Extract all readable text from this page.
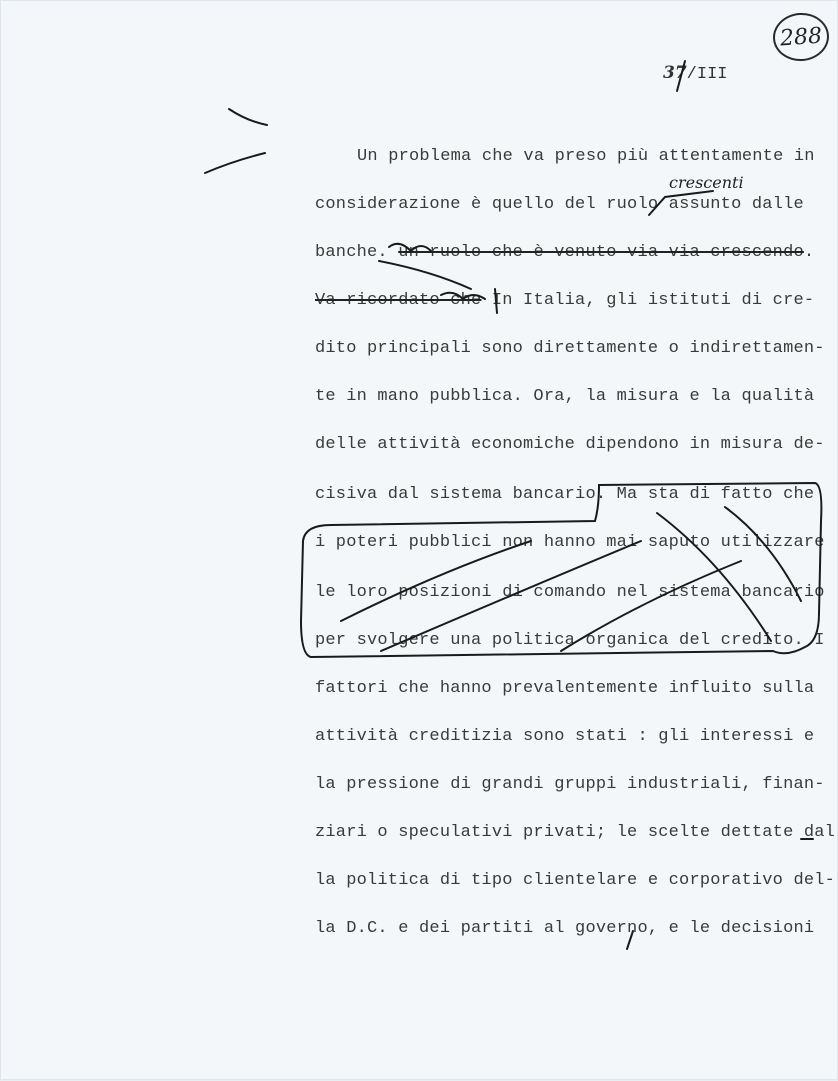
288
37/III
crescenti
Un problema che va preso più attentamente in
considerazione è quello del ruolo assunto dalle
banche. un ruolo che è venuto via via crescendo.
Va ricordato che In Italia, gli istituti di cre-
dito principali sono direttamente o indirettamen-
te in mano pubblica. Ora, la misura e la qualità
delle attività economiche dipendono in misura de-
cisiva dal sistema bancario. Ma sta di fatto che
i poteri pubblici non hanno mai saputo utilizzare
le loro posizioni di comando nel sistema bancario
per svolgere una politica organica del credito. I
fattori che hanno prevalentemente influito sulla
attività creditizia sono stati : gli interessi e
la pressione di grandi gruppi industriali, finan-
ziari o speculativi privati; le scelte dettate dal
la politica di tipo clientelare e corporativo del-
la D.C. e dei partiti al governo, e le decisioni
